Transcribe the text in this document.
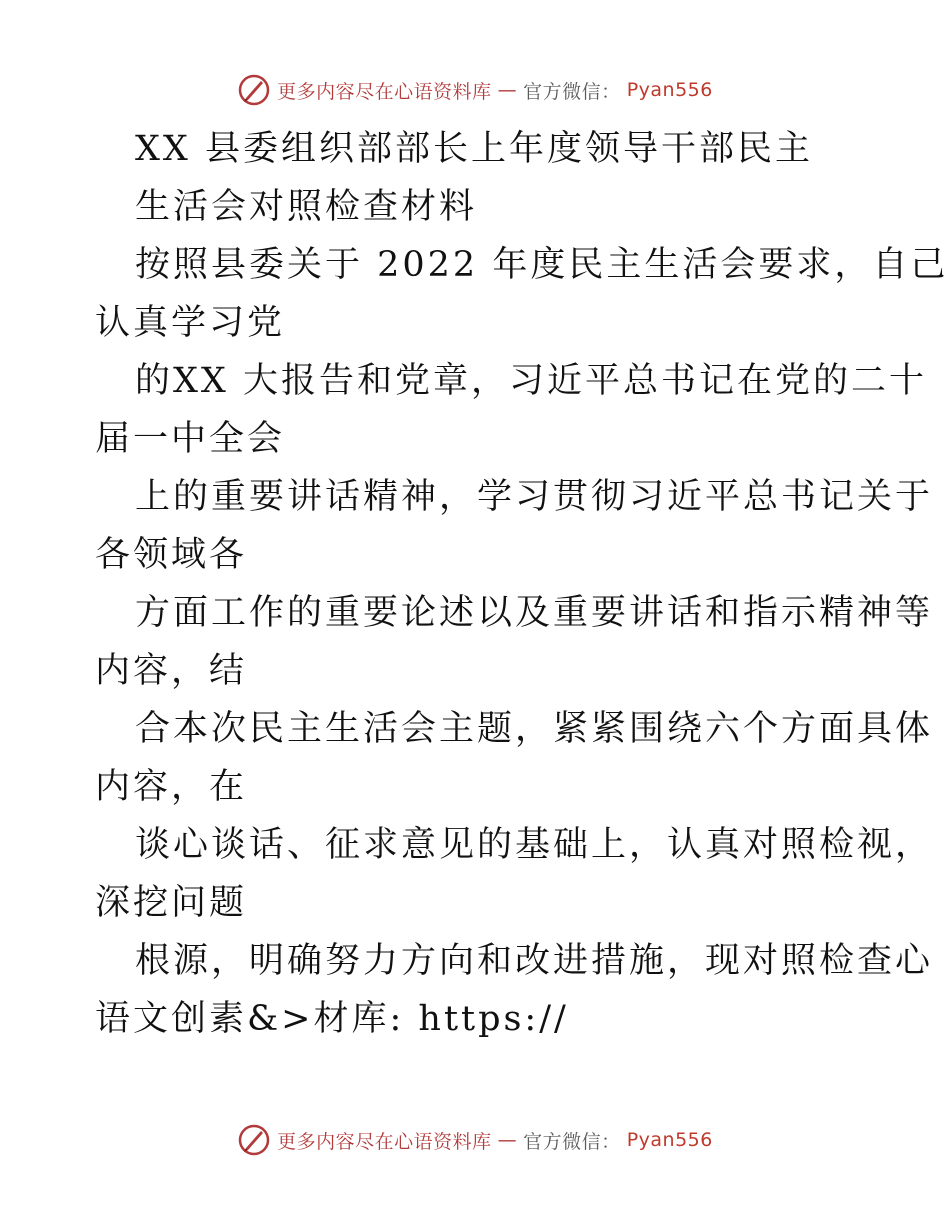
更多内容尽在心语资料库 — 官方微信： Pyan556
XX 县委组织部部长上年度领导干部民主
生活会对照检查材料
按照县委关于 2022 年度民主生活会要求，自己
认真学习党
的XX 大报告和党章，习近平总书记在党的二十
届一中全会
上的重要讲话精神，学习贯彻习近平总书记关于
各领域各
方面工作的重要论述以及重要讲话和指示精神等
内容，结
合本次民主生活会主题，紧紧围绕六个方面具体
内容，在
谈心谈话、征求意见的基础上，认真对照检视，
深挖问题
根源，明确努力方向和改进措施，现对照检查心
语文创素&>材库: https://
更多内容尽在心语资料库 — 官方微信： Pyan556
